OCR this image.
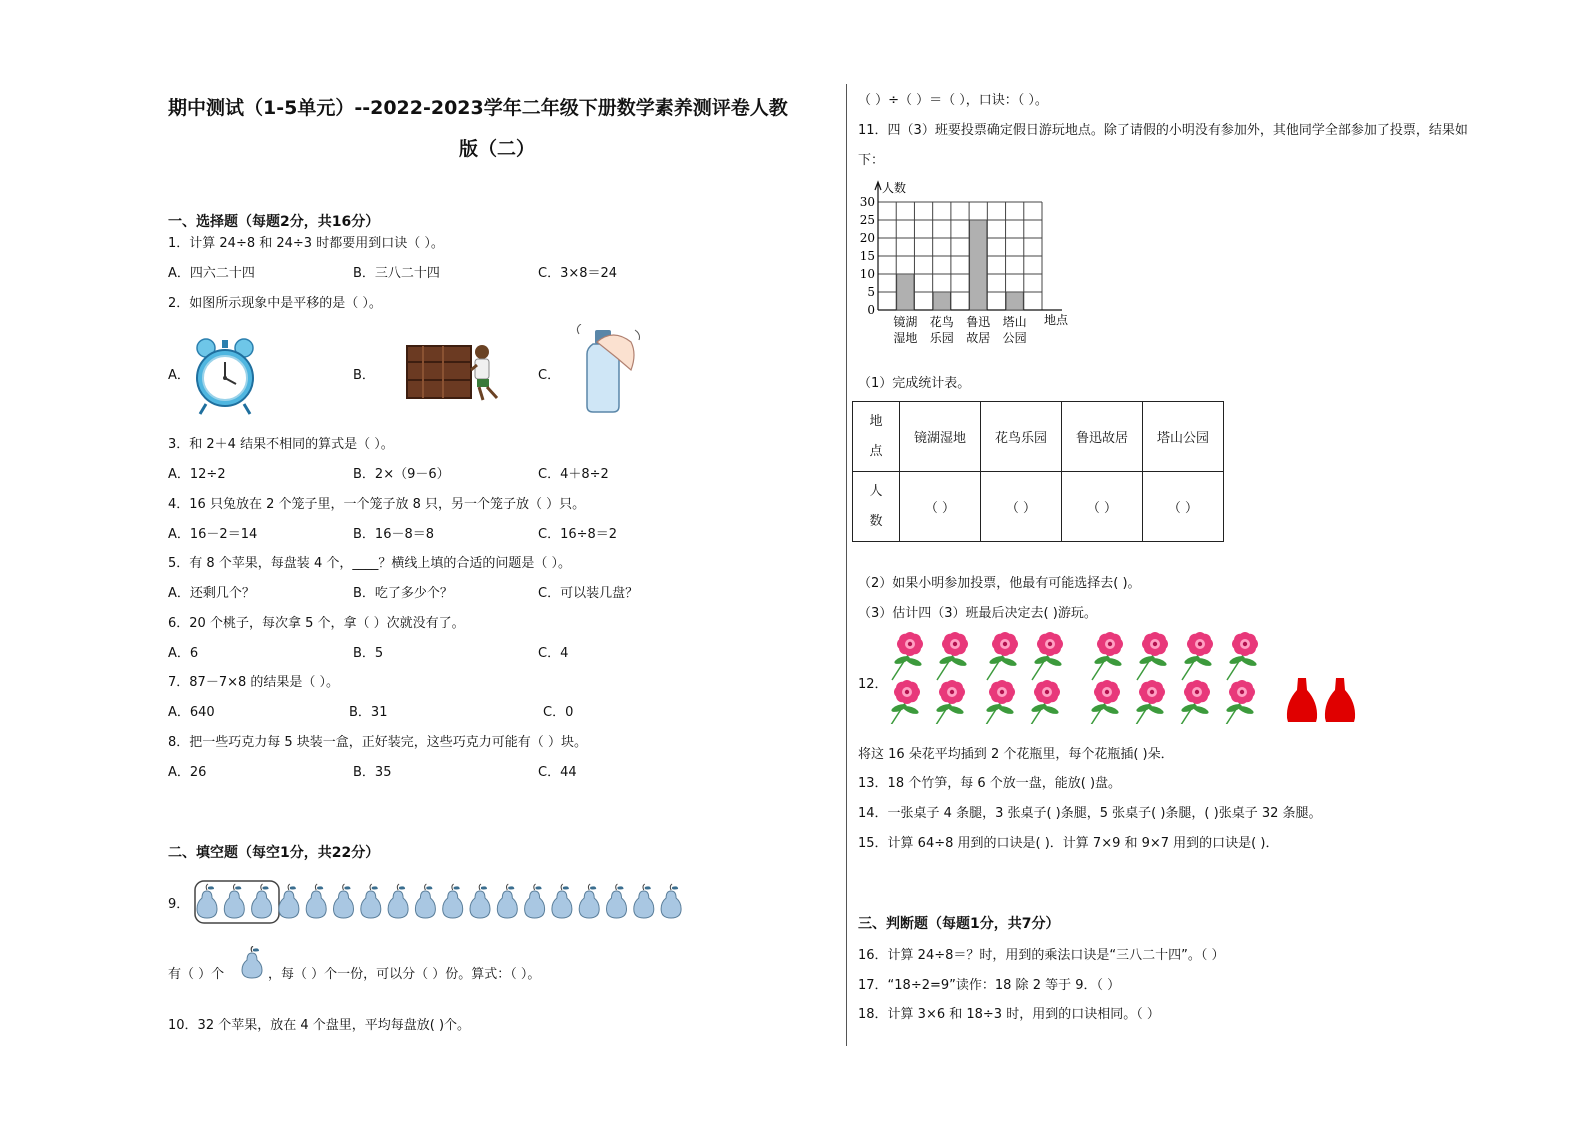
期中测试（1-5单元）--2022-2023学年二年级下册数学素养测评卷人教
版（二）
一、选择题（每题2分，共16分）
1．计算 24÷8 和 24÷3 时都要用到口诀（ ）。
A．四六二十四	B．三八二十四	C．3×8＝24
2．如图所示现象中是平移的是（ ）。
A．	B．	C．
3．和 2＋4 结果不相同的算式是（ ）。
A．12÷2	B．2×（9－6）	C．4＋8÷2
4．16 只兔放在 2 个笼子里，一个笼子放 8 只，另一个笼子放（ ）只。
A．16－2＝14	B．16－8＝8	C．16÷8＝2
5．有 8 个苹果，每盘装 4 个，____？横线上填的合适的问题是（ ）。
A．还剩几个？	B．吃了多少个？	C．可以装几盘？
6．20 个桃子，每次拿 5 个，拿（ ）次就没有了。
A．6	B．5	C．4
7．87－7×8 的结果是（ ）。
A．640	B．31	C．0
8．把一些巧克力每 5 块装一盒，正好装完，这些巧克力可能有（ ）块。
A．26	B．35	C．44
二、填空题（每空1分，共22分）
9．
有（ ）个	，每（ ）个一份，可以分（ ）份。算式：（ ）。
10．32 个苹果，放在 4 个盘里，平均每盘放( )个。
（ ）÷（ ）＝（ ），口诀：（ ）。
11．四（3）班要投票确定假日游玩地点。除了请假的小明没有参加外，其他同学全部参加了投票，结果如
下：
0
5
10
15
20
25
30
人数
地点
镜湖
湿地
花鸟
乐园
鲁迅
故居
塔山
公园
（1）完成统计表。
地
点	镜湖湿地	花鸟乐园	鲁迅故居	塔山公园

人
数	（ ）	（ ）	（ ）	（ ）
（2）如果小明参加投票，他最有可能选择去( )。
（3）估计四（3）班最后决定去( )游玩。
12．
将这 16 朵花平均插到 2 个花瓶里，每个花瓶插( )朵．
13．18 个竹笋，每 6 个放一盘，能放( )盘。
14．一张桌子 4 条腿，3 张桌子( )条腿，5 张桌子( )条腿，( )张桌子 32 条腿。
15．计算 64÷8 用到的口诀是( )．计算 7×9 和 9×7 用到的口诀是( )．
三、判断题（每题1分，共7分）
16．计算 24÷8＝？时，用到的乘法口诀是“三八二十四”。（ ）
17．“18÷2=9”读作：18 除 2 等于 9．（ ）
18．计算 3×6 和 18÷3 时，用到的口诀相同。（ ）
